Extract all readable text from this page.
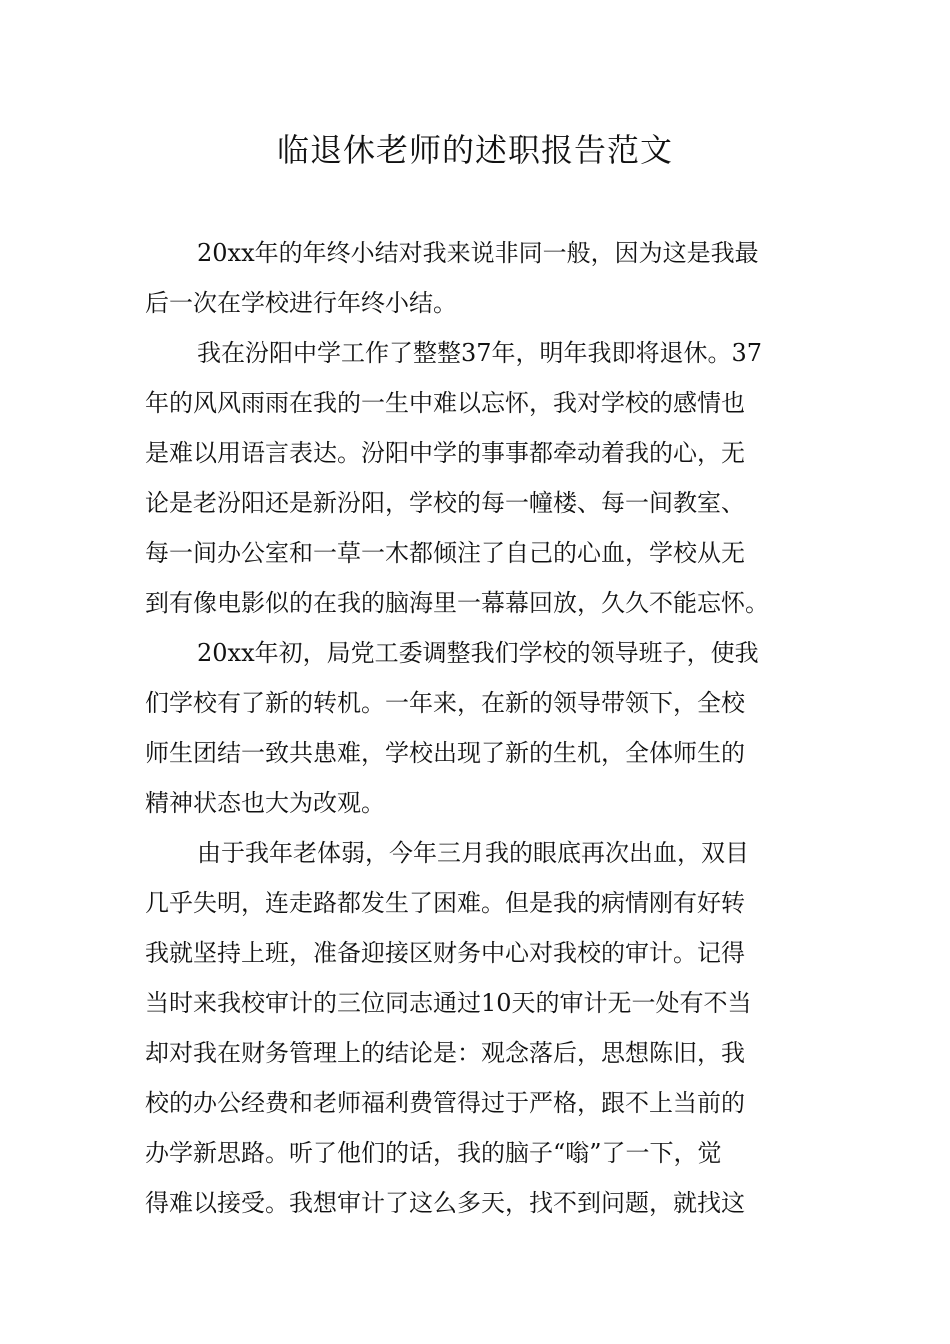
临退休老师的述职报告范文
20xx年的年终小结对我来说非同一般，因为这是我最
后一次在学校进行年终小结。
我在汾阳中学工作了整整37年，明年我即将退休。37
年的风风雨雨在我的一生中难以忘怀，我对学校的感情也
是难以用语言表达。汾阳中学的事事都牵动着我的心，无
论是老汾阳还是新汾阳，学校的每一幢楼、每一间教室、
每一间办公室和一草一木都倾注了自己的心血，学校从无
到有像电影似的在我的脑海里一幕幕回放，久久不能忘怀。
20xx年初，局党工委调整我们学校的领导班子，使我
们学校有了新的转机。一年来，在新的领导带领下，全校
师生团结一致共患难，学校出现了新的生机，全体师生的
精神状态也大为改观。
由于我年老体弱，今年三月我的眼底再次出血，双目
几乎失明，连走路都发生了困难。但是我的病情刚有好转
我就坚持上班，准备迎接区财务中心对我校的审计。记得
当时来我校审计的三位同志通过10天的审计无一处有不当
却对我在财务管理上的结论是：观念落后，思想陈旧，我
校的办公经费和老师福利费管得过于严格，跟不上当前的
办学新思路。听了他们的话，我的脑子“嗡”了一下，觉
得难以接受。我想审计了这么多天，找不到问题，就找这
